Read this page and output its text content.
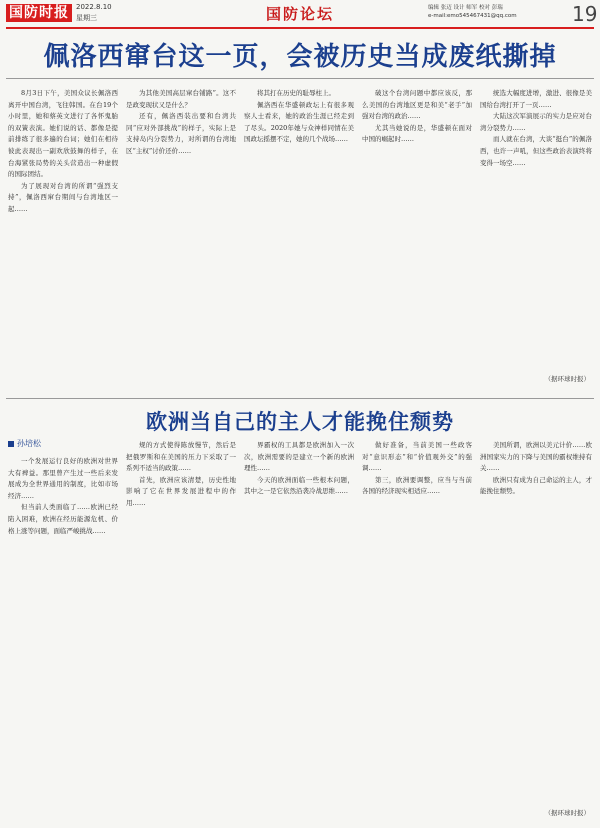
国防时报	2022.8.10
星期三	国防论坛	编辑 张迈 设计 师军 校对 彭瑞
e-mail:emo545467431@qq.com	19
佩洛西窜台这一页，会被历史当成废纸撕掉

8月3日下午，美国众议长佩洛西离开中国台湾，飞往韩国。在台19个小时里，她和蔡英文进行了各怀鬼胎的双簧表演。她们说的话、都像是提前排练了很多遍的台词；她们在相待彼此表现出一副欢欣鼓舞的样子，在台海紧张局势的关头营造出一种虚假的国际团结。

为了展现对台湾的所谓“强烈支持”，佩洛西窜台期间与台湾地区一起……

为其他美国高层窜台铺路”。这不是政变现状又是什么？

还有，佩洛西装出要和台湾共同“应对外部挑战”的样子，实际上是支持岛内分裂势力，对所谓的台湾地区“主权”讨价还价……

将其打在历史的耻辱柱上。

佩洛西在华盛顿政坛上有很多观察人士看来，她的政治生涯已经走到了尽头。2020年她与众神样同情在美国政坛摇摆不定，她的几个战场……

破这个台湾问题中都应该反，那么美国的台湾地区更是和美“老手”加强对台湾的政治……

尤其当她说的是，华盛顿在面对中国的崛起时……

统选大幅度进增，激进、很像是美国给台湾打开了一页……

大陆这次军演展示的实力是应对台湾分裂势力……

而人就在台湾，大谈“挺台”的佩洛西，也许一声吼，但这些政治表演终将变得一场空……

（据环球时报）
欧洲当自己的主人才能挽住颓势
孙培松

一个发展运行良好的欧洲对世界大有裨益。那里曾产生过一些后来发展成为全世界通用的制度，比如市场经济……

但当前人类面临了……欧洲已经陷入困难，欧洲在经历能源危机、价格上涨等问题，面临严峻挑战……

规的方式使得陈放慢节，然后是把俄罗斯和在美国的压力下采取了一系列不适当的政策……

首先，欧洲应该清楚，历史性地影响了它在世界发展进程中的作用……

界霸权的工具都是欧洲加入一次次，欧洲需要的是建立一个新的欧洲理性……

今天的欧洲面临一些根本问题，其中之一是它依然沿袭冷战思维……

做好准备，当前美国一些政客对“意识形态”和“价值观外交”的强调……

第三，欧洲要调整，应当与当前各国的经济现实相适应……

美国所谓，欧洲以美元计价……欧洲国家实力的下降与美国的霸权维持有关……

欧洲只有成为自己命运的主人，才能挽住颓势。

（据环球时报）
